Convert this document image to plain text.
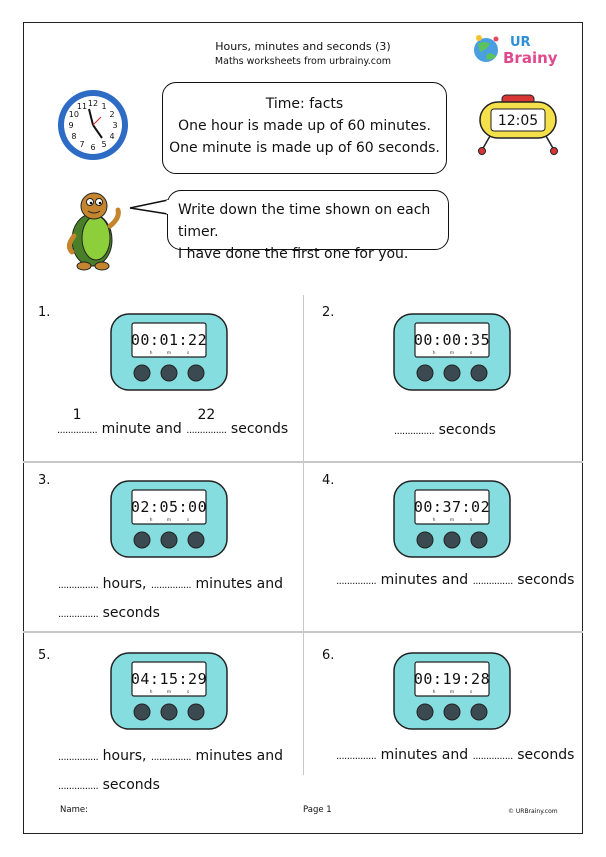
Hours, minutes and seconds (3)
Maths worksheets from urbrainy.com
UR
Brainy
12 1
2
3
4
5
6
7
8
9
10
11	Time: facts
One hour is made up of 60 minutes.
One minute is made up of 60 seconds.
12:05
Write down the time shown on each timer.
I have done the first one for you.
1.
00:01:22
h	m	s
1
............... minute and
22
............... seconds
2.
00:00:35
h	m	s
............... seconds
3.
02:05:00
h	m	s
............... hours, ............... minutes and
............... seconds
4.
00:37:02
h	m	s
............... minutes and ............... seconds
5.
04:15:29
h	m	s
............... hours, ............... minutes and
............... seconds
6.
00:19:28
h	m	s
............... minutes and ............... seconds
Name:	Page 1	© URBrainy.com
